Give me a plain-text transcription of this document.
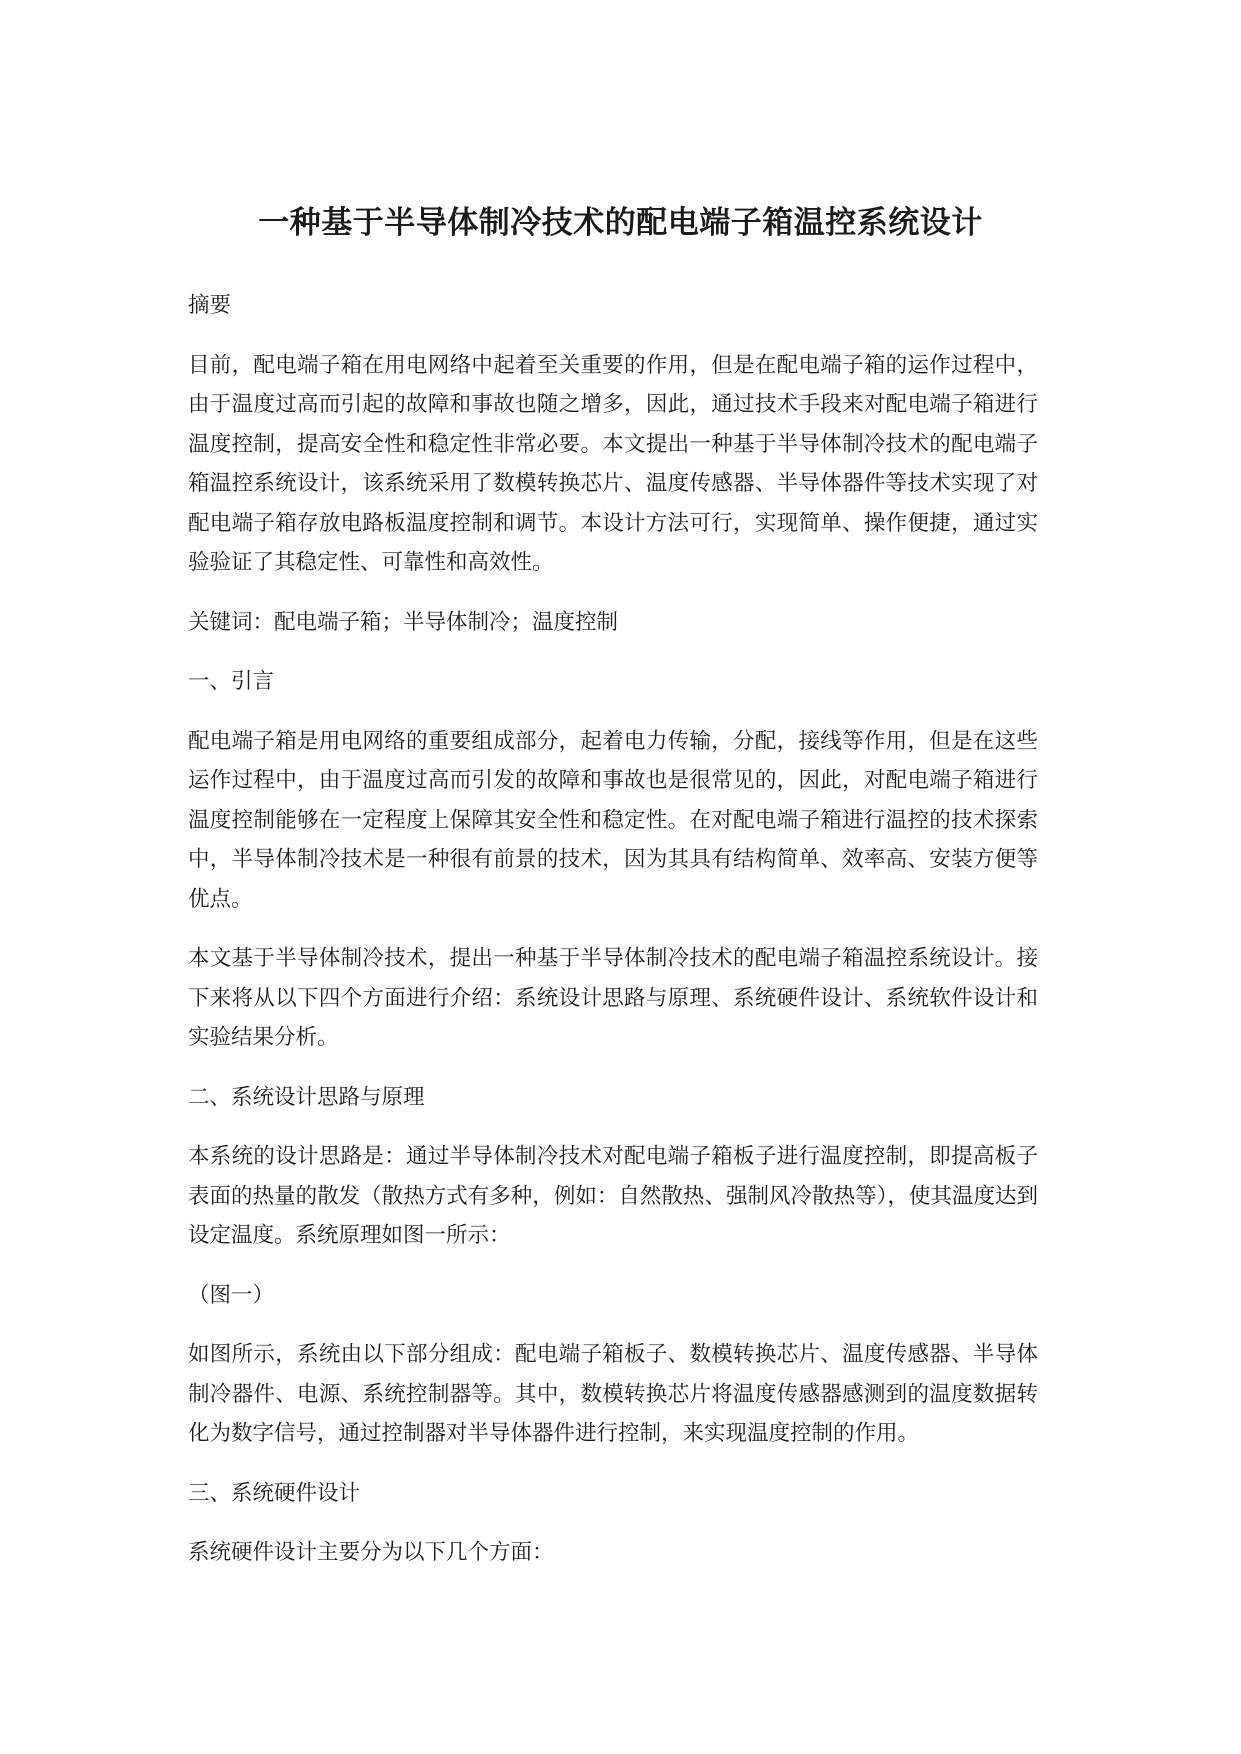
一种基于半导体制冷技术的配电端子箱温控系统设计

摘要

目前，配电端子箱在用电网络中起着至关重要的作用，但是在配电端子箱的运作过程中，由于温度过高而引起的故障和事故也随之增多，因此，通过技术手段来对配电端子箱进行温度控制，提高安全性和稳定性非常必要。本文提出一种基于半导体制冷技术的配电端子箱温控系统设计，该系统采用了数模转换芯片、温度传感器、半导体器件等技术实现了对配电端子箱存放电路板温度控制和调节。本设计方法可行，实现简单、操作便捷，通过实验验证了其稳定性、可靠性和高效性。

关键词：配电端子箱；半导体制冷；温度控制

一、引言

配电端子箱是用电网络的重要组成部分，起着电力传输，分配，接线等作用，但是在这些运作过程中，由于温度过高而引发的故障和事故也是很常见的，因此，对配电端子箱进行温度控制能够在一定程度上保障其安全性和稳定性。在对配电端子箱进行温控的技术探索中，半导体制冷技术是一种很有前景的技术，因为其具有结构简单、效率高、安装方便等优点。

本文基于半导体制冷技术，提出一种基于半导体制冷技术的配电端子箱温控系统设计。接下来将从以下四个方面进行介绍：系统设计思路与原理、系统硬件设计、系统软件设计和实验结果分析。

二、系统设计思路与原理

本系统的设计思路是：通过半导体制冷技术对配电端子箱板子进行温度控制，即提高板子表面的热量的散发（散热方式有多种，例如：自然散热、强制风冷散热等），使其温度达到设定温度。系统原理如图一所示：

（图一）

如图所示，系统由以下部分组成：配电端子箱板子、数模转换芯片、温度传感器、半导体制冷器件、电源、系统控制器等。其中，数模转换芯片将温度传感器感测到的温度数据转化为数字信号，通过控制器对半导体器件进行控制，来实现温度控制的作用。

三、系统硬件设计

系统硬件设计主要分为以下几个方面：
